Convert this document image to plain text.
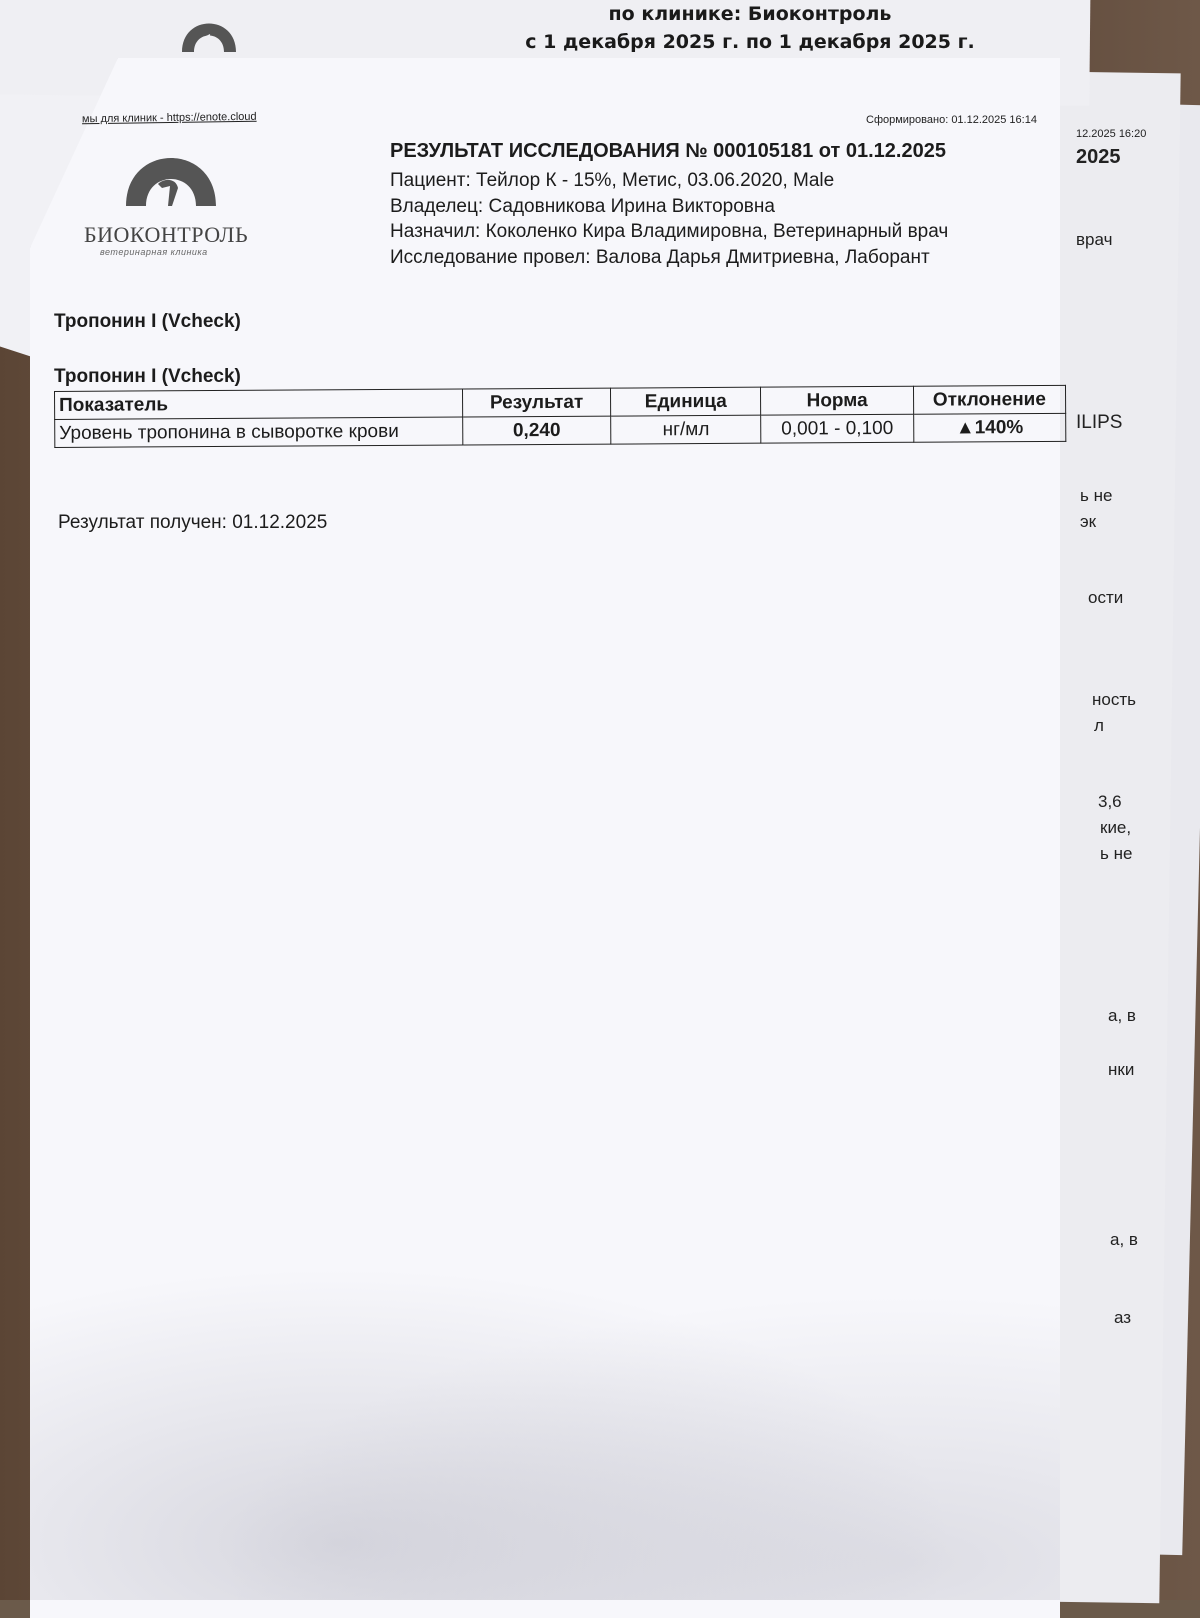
по клинике: Биоконтроль
с 1 декабря 2025 г. по 1 декабря 2025 г.
12.2025 16:20
2025
врач
ILIPS
ь не
эк
ости
ность
л
3,6
кие,
ь не
а, в
нки
а, в
аз
мы для клиник - https://enote.cloud	Сформировано: 01.12.2025 16:14
БИОКОНТРОЛЬ
ветеринарная клиника
РЕЗУЛЬТАТ ИССЛЕДОВАНИЯ № 000105181 от 01.12.2025
Пациент: Тейлор К - 15%, Метис, 03.06.2020, Male
Владелец: Садовникова Ирина Викторовна
Назначил: Коколенко Кира Владимировна, Ветеринарный врач
Исследование провел: Валова Дарья Дмитриевна, Лаборант
Тропонин I (Vcheck)
Тропонин I (Vcheck)
Показатель	Результат	Единица	Норма	Отклонение
Уровень тропонина в сыворотке крови	0,240	нг/мл	0,001 - 0,100	▲140%
Результат получен: 01.12.2025
